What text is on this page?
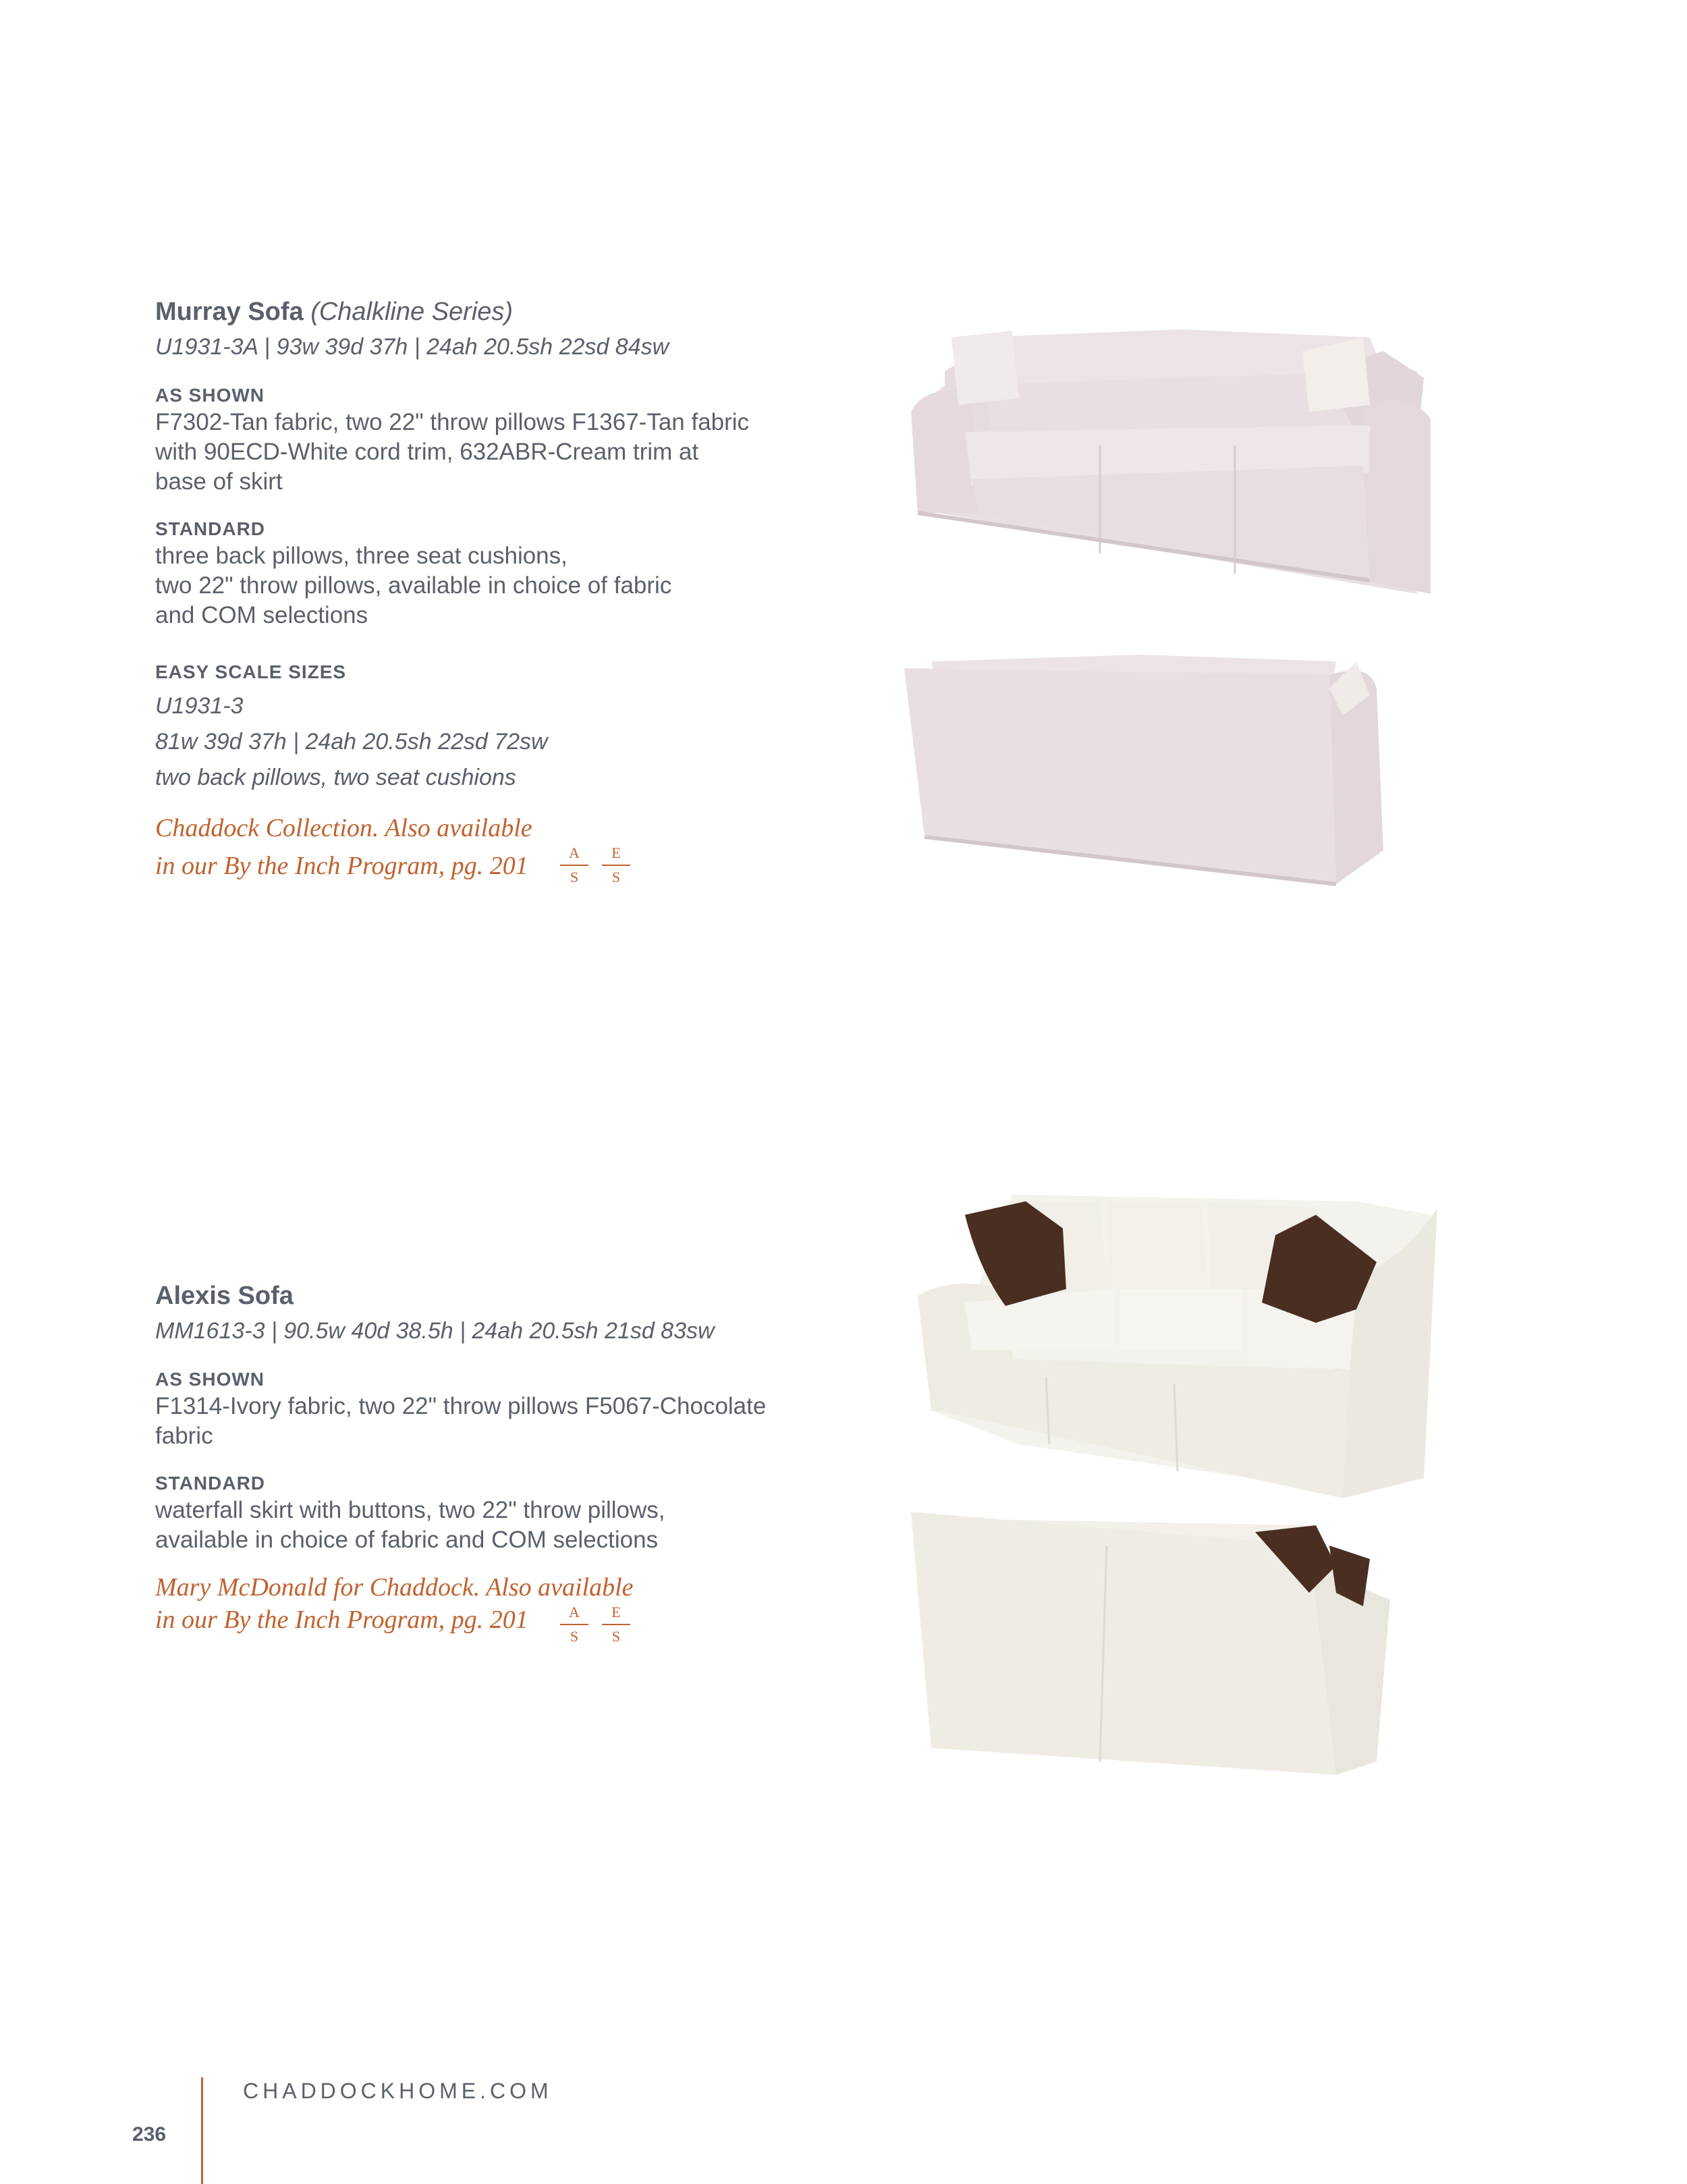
Murray Sofa (Chalkline Series)
U1931-3A | 93w 39d 37h | 24ah 20.5sh 22sd 84sw
AS SHOWN
F7302-Tan fabric, two 22" throw pillows F1367-Tan fabric
with 90ECD-White cord trim, 632ABR-Cream trim at
base of skirt
STANDARD
three back pillows, three seat cushions,
two 22" throw pillows, available in choice of fabric
and COM selections
EASY SCALE SIZES
U1931-3
81w 39d 37h | 24ah 20.5sh 22sd 72sw
two back pillows, two seat cushions
Chaddock Collection. Also available
in our By the Inch Program, pg. 201	A
S
E
S
Alexis Sofa
MM1613-3 | 90.5w 40d 38.5h | 24ah 20.5sh 21sd 83sw
AS SHOWN
F1314-Ivory fabric, two 22" throw pillows F5067-Chocolate
fabric
STANDARD
waterfall skirt with buttons, two 22" throw pillows,
available in choice of fabric and COM selections
Mary McDonald for Chaddock. Also available
in our By the Inch Program, pg. 201	A
S
E
S
CHADDOCKHOME.COM
236
